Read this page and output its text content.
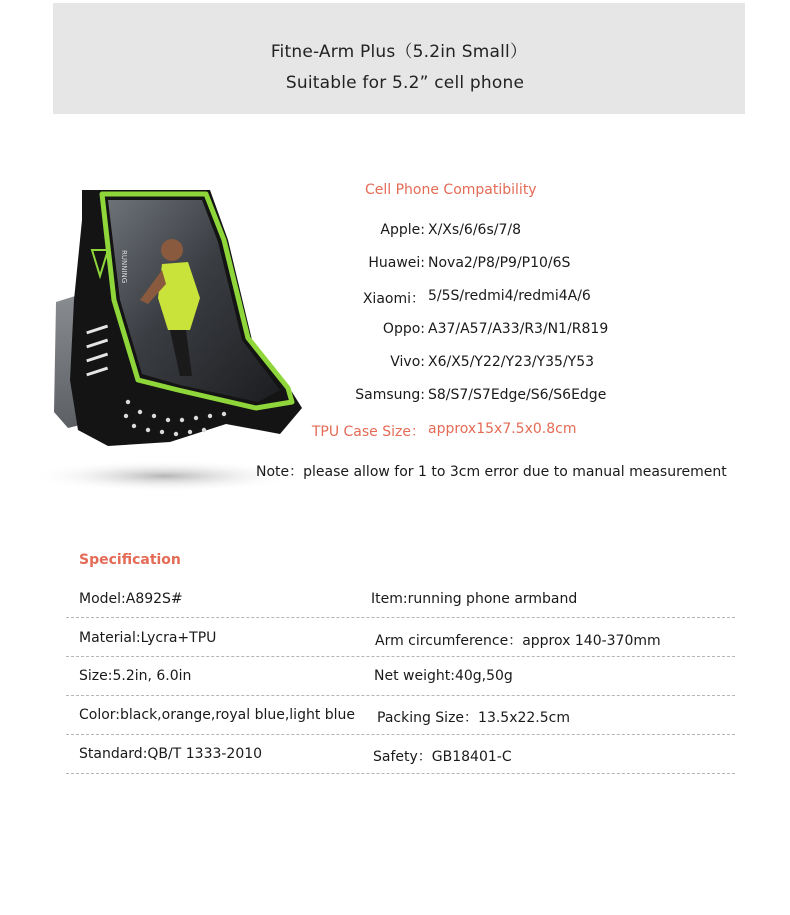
Fitne-Arm Plus（5.2in Small）
Suitable for 5.2” cell phone
RUNNING
Cell Phone Compatibility
Apple: X/Xs/6/6s/7/8
Huawei: Nova2/P8/P9/P10/6S
Xiaomi： 5/5S/redmi4/redmi4A/6
Oppo: A37/A57/A33/R3/N1/R819
Vivo: X6/X5/Y22/Y23/Y35/Y53
Samsung: S8/S7/S7Edge/S6/S6Edge
TPU Case Size： approx15x7.5x0.8cm
Note：please allow for 1 to 3cm error due to manual measurement
Specification
Model:A892S#	Item:running phone armband
Material:Lycra+TPU	Arm circumference：approx 140-370mm
Size:5.2in, 6.0in	Net weight:40g,50g
Color:black,orange,royal blue,light blue Packing Size：13.5x22.5cm
Standard:QB/T 1333-2010	Safety：GB18401-C
